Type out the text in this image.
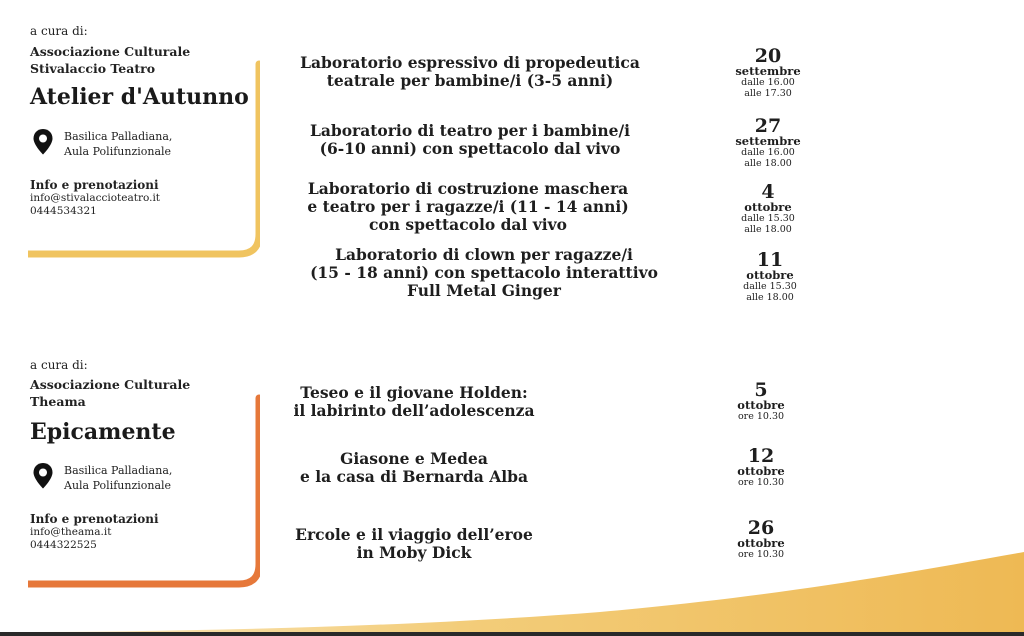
a cura di:
Associazione Culturale
Stivalaccio Teatro
Atelier d'Autunno
Basilica Palladiana,
Aula Polifunzionale
Info e prenotazioni
info@stivalaccioteatro.it
0444534321
Laboratorio espressivo di propedeutica
teatrale per bambine/i (3-5 anni)
20
settembre
dalle 16.00
alle 17.30
Laboratorio di teatro per i bambine/i
(6-10 anni) con spettacolo dal vivo
27
settembre
dalle 16.00
alle 18.00
Laboratorio di costruzione maschera
e teatro per i ragazze/i (11 - 14 anni)
con spettacolo dal vivo
4
ottobre
dalle 15.30
alle 18.00
Laboratorio di clown per ragazze/i
(15 - 18 anni) con spettacolo interattivo
Full Metal Ginger
11
ottobre
dalle 15.30
alle 18.00
a cura di:
Associazione Culturale
Theama
Epicamente
Basilica Palladiana,
Aula Polifunzionale
Info e prenotazioni
info@theama.it
0444322525
Teseo e il giovane Holden:
il labirinto dell’adolescenza
5
ottobre
ore 10.30
Giasone e Medea
e la casa di Bernarda Alba
12
ottobre
ore 10.30
Ercole e il viaggio dell’eroe
in Moby Dick
26
ottobre
ore 10.30
